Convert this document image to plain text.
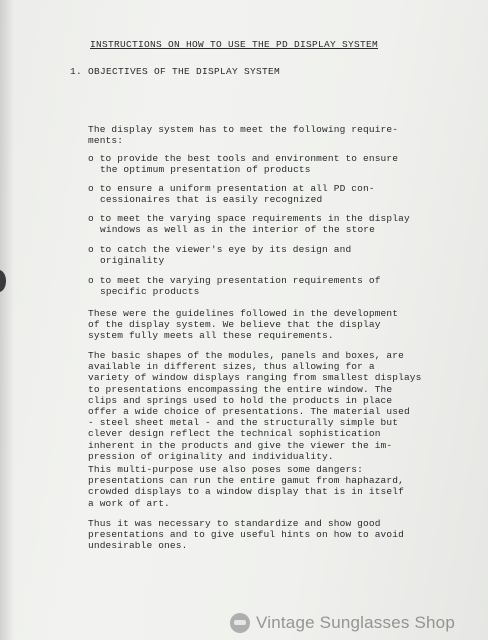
INSTRUCTIONS ON HOW TO USE THE PD DISPLAY SYSTEM
1. OBJECTIVES OF THE DISPLAY SYSTEM
The display system has to meet the following require-
ments:
o to provide the best tools and environment to ensure
the optimum presentation of products
o to ensure a uniform presentation at all PD con-
cessionaires that is easily recognized
o to meet the varying space requirements in the display
windows as well as in the interior of the store
o to catch the viewer's eye by its design and
originality
o to meet the varying presentation requirements of
specific products
These were the guidelines followed in the development
of the display system. We believe that the display
system fully meets all these requirements.
The basic shapes of the modules, panels and boxes, are
available in different sizes, thus allowing for a
variety of window displays ranging from smallest displays
to presentations encompassing the entire window. The
clips and springs used to hold the products in place
offer a wide choice of presentations. The material used
- steel sheet metal - and the structurally simple but
clever design reflect the technical sophistication
inherent in the products and give the viewer the im-
pression of originality and individuality.
This multi-purpose use also poses some dangers:
presentations can run the entire gamut from haphazard,
crowded displays to a window display that is in itself
a work of art.
Thus it was necessary to standardize and show good
presentations and to give useful hints on how to avoid
undesirable ones.
Vintage Sunglasses Shop
